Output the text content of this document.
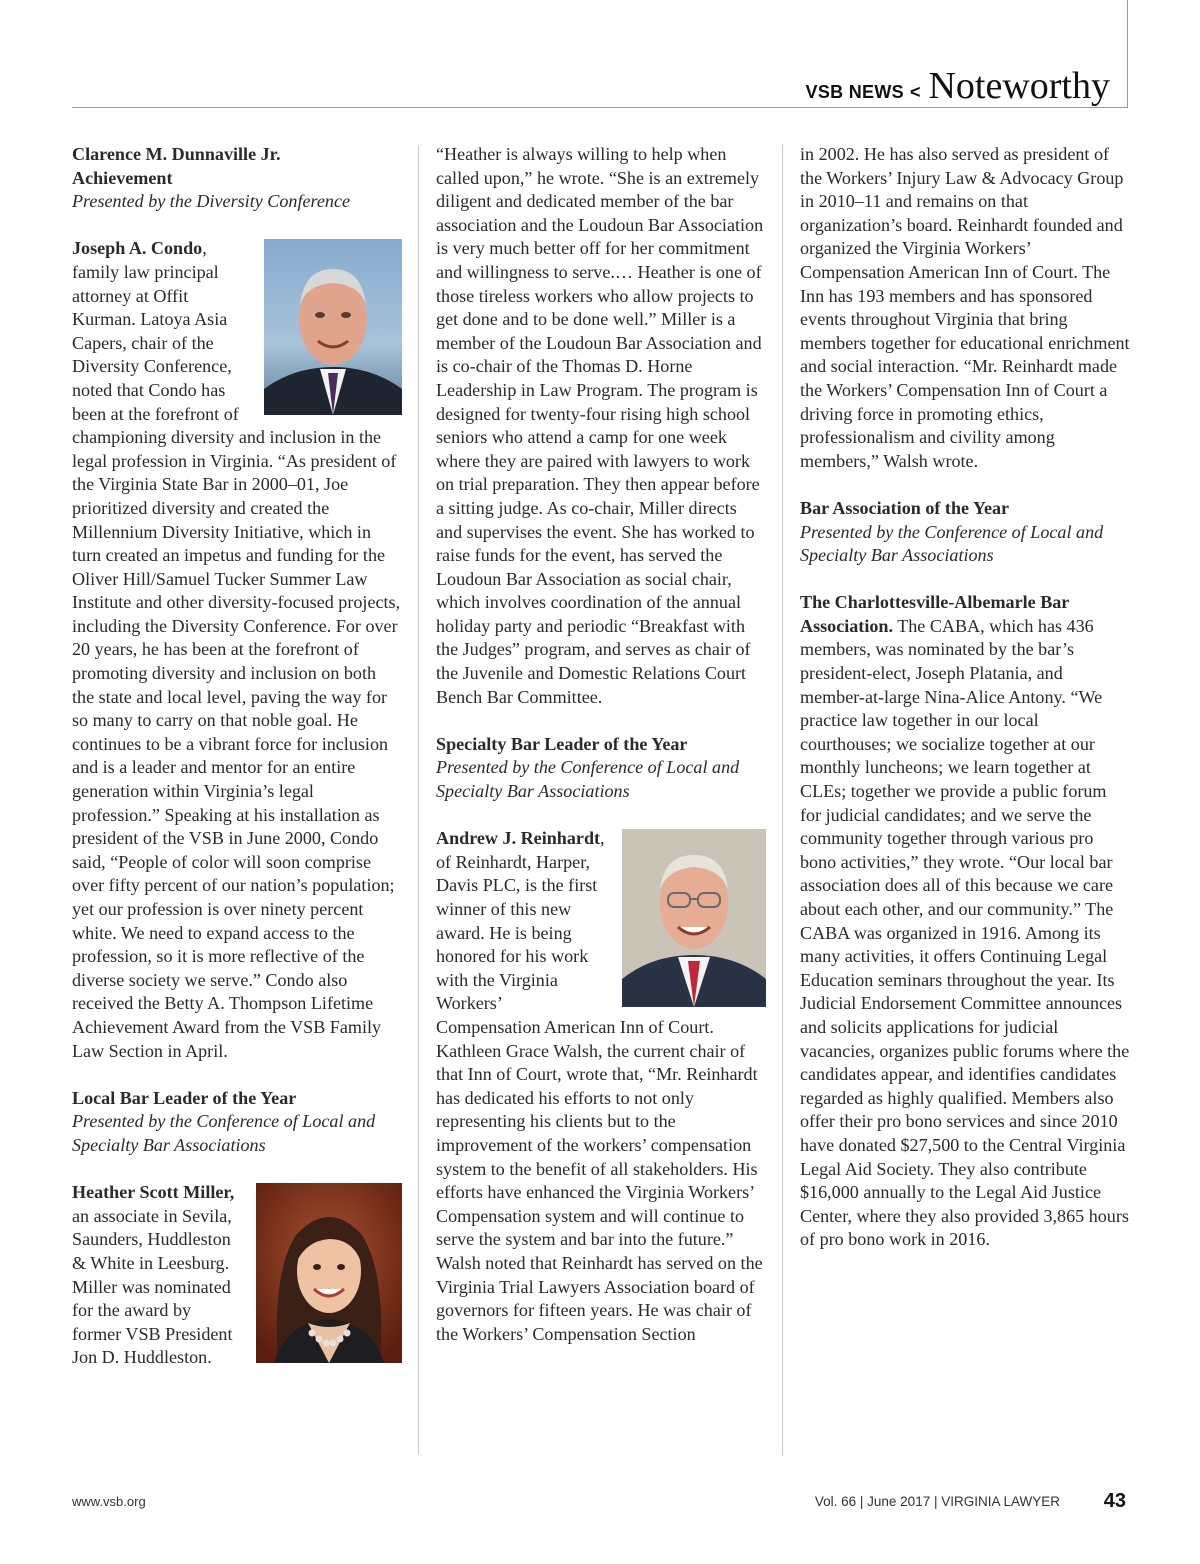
VSB NEWS < Noteworthy

Clarence M. Dunnaville Jr.
Achievement

Presented by the Diversity Conference

Joseph A. Condo, family law principal attorney at Offit Kurman. Latoya Asia Capers, chair of the Diversity Conference, noted that Condo has been at the forefront of championing diversity and inclusion in the legal profession in Virginia. “As president of the Virginia State Bar in 2000–01, Joe prioritized diversity and created the Millennium Diversity Initiative, which in turn created an impetus and funding for the Oliver Hill/Samuel Tucker Summer Law Institute and other diversity-focused projects, including the Diversity Conference. For over 20 years, he has been at the forefront of promoting diversity and inclusion on both the state and local level, paving the way for so many to carry on that noble goal. He continues to be a vibrant force for inclusion and is a leader and mentor for an entire generation within Virginia’s legal profession.” Speaking at his installation as president of the VSB in June 2000, Condo said, “People of color will soon comprise over fifty percent of our nation’s population; yet our profession is over ninety percent white. We need to expand access to the profession, so it is more reflective of the diverse society we serve.” Condo also received the Betty A. Thompson Lifetime Achievement Award from the VSB Family Law Section in April.

Local Bar Leader of the Year

Presented by the Conference of Local and Specialty Bar Associations

Heather Scott Miller, an associate in Sevila, Saunders, Huddleston & White in Leesburg. Miller was nominated for the award by former VSB President Jon D. Huddleston.

“Heather is always willing to help when called upon,” he wrote. “She is an extremely diligent and dedicated member of the bar association and the Loudoun Bar Association is very much better off for her commitment and willingness to serve.… Heather is one of those tireless workers who allow projects to get done and to be done well.” Miller is a member of the Loudoun Bar Association and is co-chair of the Thomas D. Horne Leadership in Law Program. The program is designed for twenty-four rising high school seniors who attend a camp for one week where they are paired with lawyers to work on trial preparation. They then appear before a sitting judge. As co-chair, Miller directs and supervises the event. She has worked to raise funds for the event, has served the Loudoun Bar Association as social chair, which involves coordination of the annual holiday party and periodic “Breakfast with the Judges” program, and serves as chair of the Juvenile and Domestic Relations Court Bench Bar Committee.

Specialty Bar Leader of the Year

Presented by the Conference of Local and Specialty Bar Associations

Andrew J. Reinhardt, of Reinhardt, Harper, Davis PLC, is the first winner of this new award. He is being honored for his work with the Virginia Workers’ Compensation American Inn of Court. Kathleen Grace Walsh, the current chair of that Inn of Court, wrote that, “Mr. Reinhardt has dedicated his efforts to not only representing his clients but to the improvement of the workers’ compensation system to the benefit of all stakeholders. His efforts have enhanced the Virginia Workers’ Compensation system and will continue to serve the system and bar into the future.” Walsh noted that Reinhardt has served on the Virginia Trial Lawyers Association board of governors for fifteen years. He was chair of the Workers’ Compensation Section

in 2002. He has also served as president of the Workers’ Injury Law & Advocacy Group in 2010–11 and remains on that organization’s board. Reinhardt founded and organized the Virginia Workers’ Compensation American Inn of Court. The Inn has 193 members and has sponsored events throughout Virginia that bring members together for educational enrichment and social interaction. “Mr. Reinhardt made the Workers’ Compensation Inn of Court a driving force in promoting ethics, professionalism and civility among members,” Walsh wrote.

Bar Association of the Year

Presented by the Conference of Local and Specialty Bar Associations

The Charlottesville-Albemarle Bar Association. The CABA, which has 436 members, was nominated by the bar’s president-elect, Joseph Platania, and member-at-large Nina-Alice Antony. “We practice law together in our local courthouses; we socialize together at our monthly luncheons; we learn together at CLEs; together we provide a public forum for judicial candidates; and we serve the community together through various pro bono activities,” they wrote. “Our local bar association does all of this because we care about each other, and our community.” The CABA was organized in 1916. Among its many activities, it offers Continuing Legal Education seminars throughout the year. Its Judicial Endorsement Committee announces and solicits applications for judicial vacancies, organizes public forums where the candidates appear, and identifies candidates regarded as highly qualified. Members also offer their pro bono services and since 2010 have donated $27,500 to the Central Virginia Legal Aid Society. They also contribute $16,000 annually to the Legal Aid Justice Center, where they also provided 3,865 hours of pro bono work in 2016.

www.vsb.org	Vol. 66 | June 2017 | VIRGINIA LAWYER 43
